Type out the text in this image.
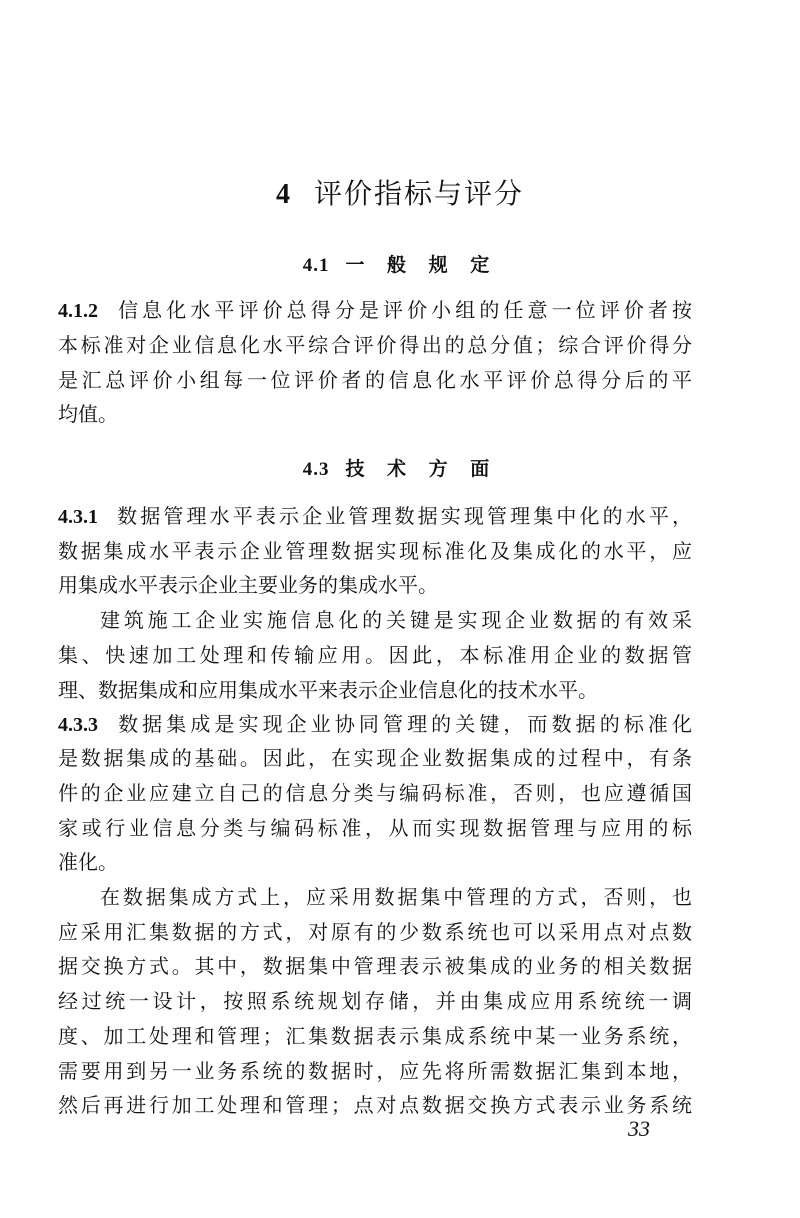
4 评价指标与评分
4.1 一 般 规 定
4.1.2 信息化水平评价总得分是评价小组的任意一位评价者按
本标准对企业信息化水平综合评价得出的总分值；综合评价得分
是汇总评价小组每一位评价者的信息化水平评价总得分后的平
均值。
4.3 技 术 方 面
4.3.1 数据管理水平表示企业管理数据实现管理集中化的水平，
数据集成水平表示企业管理数据实现标准化及集成化的水平，应
用集成水平表示企业主要业务的集成水平。
建筑施工企业实施信息化的关键是实现企业数据的有效采
集、快速加工处理和传输应用。因此，本标准用企业的数据管
理、数据集成和应用集成水平来表示企业信息化的技术水平。
4.3.3 数据集成是实现企业协同管理的关键，而数据的标准化
是数据集成的基础。因此，在实现企业数据集成的过程中，有条
件的企业应建立自己的信息分类与编码标准，否则，也应遵循国
家或行业信息分类与编码标准，从而实现数据管理与应用的标
准化。
在数据集成方式上，应采用数据集中管理的方式，否则，也
应采用汇集数据的方式，对原有的少数系统也可以采用点对点数
据交换方式。其中，数据集中管理表示被集成的业务的相关数据
经过统一设计，按照系统规划存储，并由集成应用系统统一调
度、加工处理和管理；汇集数据表示集成系统中某一业务系统，
需要用到另一业务系统的数据时，应先将所需数据汇集到本地，
然后再进行加工处理和管理；点对点数据交换方式表示业务系统
33
